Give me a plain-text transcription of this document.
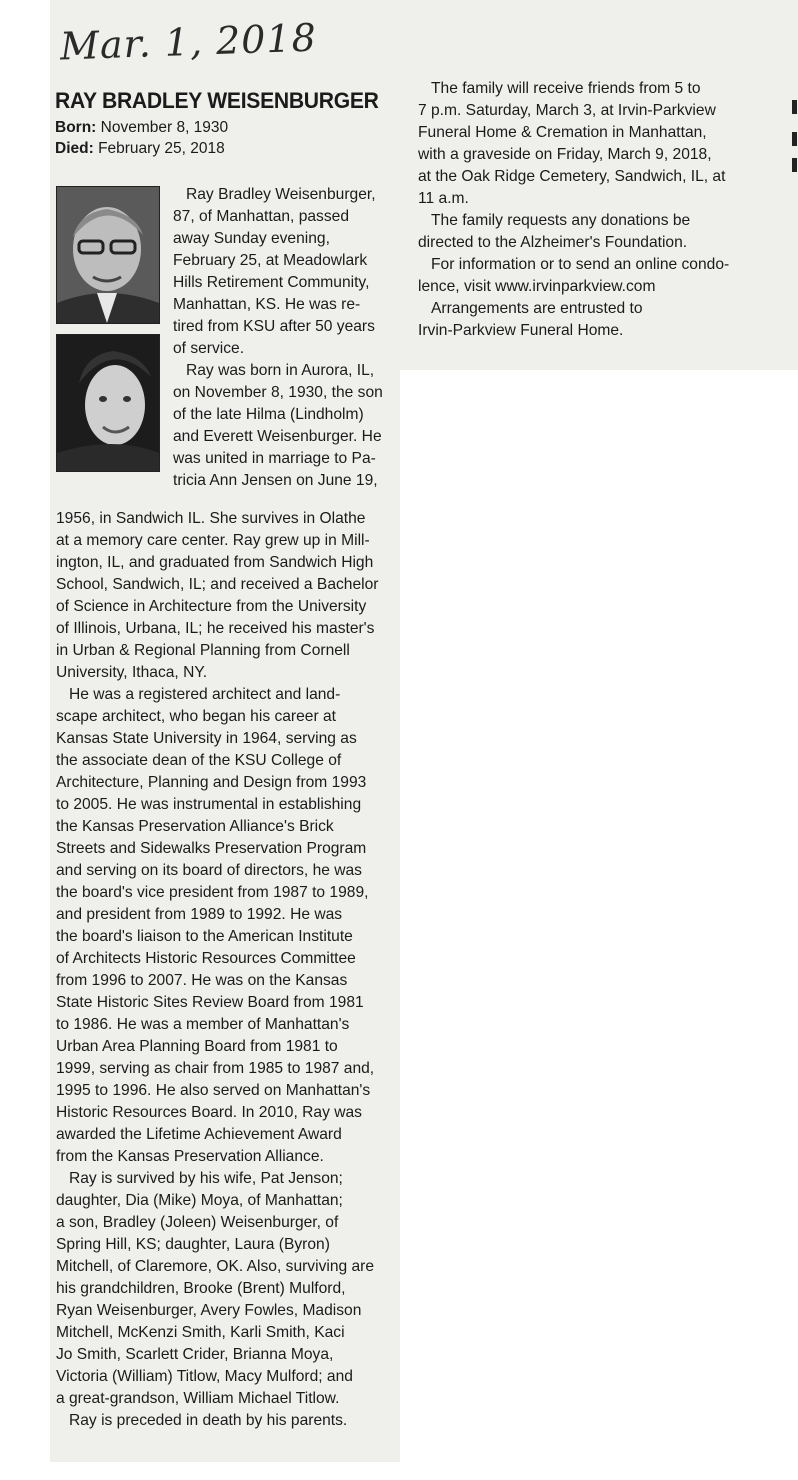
Mar. 1, 2018
RAY BRADLEY WEISENBURGER
Born: November 8, 1930
Died: February 25, 2018

Ray Bradley Weisenburger,

87, of Manhattan, passed

away Sunday evening,

February 25, at Meadowlark

Hills Retirement Community,

Manhattan, KS. He was re-

tired from KSU after 50 years

of service.

Ray was born in Aurora, IL,

on November 8, 1930, the son

of the late Hilma (Lindholm)

and Everett Weisenburger. He

was united in marriage to Pa-

tricia Ann Jensen on June 19,

1956, in Sandwich IL. She survives in Olathe

at a memory care center. Ray grew up in Mill-

ington, IL, and graduated from Sandwich High

School, Sandwich, IL; and received a Bachelor

of Science in Architecture from the University

of Illinois, Urbana, IL; he received his master's

in Urban & Regional Planning from Cornell

University, Ithaca, NY.

He was a registered architect and land-

scape architect, who began his career at

Kansas State University in 1964, serving as

the associate dean of the KSU College of

Architecture, Planning and Design from 1993

to 2005. He was instrumental in establishing

the Kansas Preservation Alliance's Brick

Streets and Sidewalks Preservation Program

and serving on its board of directors, he was

the board's vice president from 1987 to 1989,

and president from 1989 to 1992. He was

the board's liaison to the American Institute

of Architects Historic Resources Committee

from 1996 to 2007. He was on the Kansas

State Historic Sites Review Board from 1981

to 1986. He was a member of Manhattan's

Urban Area Planning Board from 1981 to

1999, serving as chair from 1985 to 1987 and,

1995 to 1996. He also served on Manhattan's

Historic Resources Board. In 2010, Ray was

awarded the Lifetime Achievement Award

from the Kansas Preservation Alliance.

Ray is survived by his wife, Pat Jenson;

daughter, Dia (Mike) Moya, of Manhattan;

a son, Bradley (Joleen) Weisenburger, of

Spring Hill, KS; daughter, Laura (Byron)

Mitchell, of Claremore, OK. Also, surviving are

his grandchildren, Brooke (Brent) Mulford,

Ryan Weisenburger, Avery Fowles, Madison

Mitchell, McKenzi Smith, Karli Smith, Kaci

Jo Smith, Scarlett Crider, Brianna Moya,

Victoria (William) Titlow, Macy Mulford; and

a great-grandson, William Michael Titlow.

Ray is preceded in death by his parents.

The family will receive friends from 5 to

7 p.m. Saturday, March 3, at Irvin-Parkview

Funeral Home & Cremation in Manhattan,

with a graveside on Friday, March 9, 2018,

at the Oak Ridge Cemetery, Sandwich, IL, at

11 a.m.

The family requests any donations be

directed to the Alzheimer's Foundation.

For information or to send an online condo-

lence, visit www.irvinparkview.com

Arrangements are entrusted to

Irvin-Parkview Funeral Home.
